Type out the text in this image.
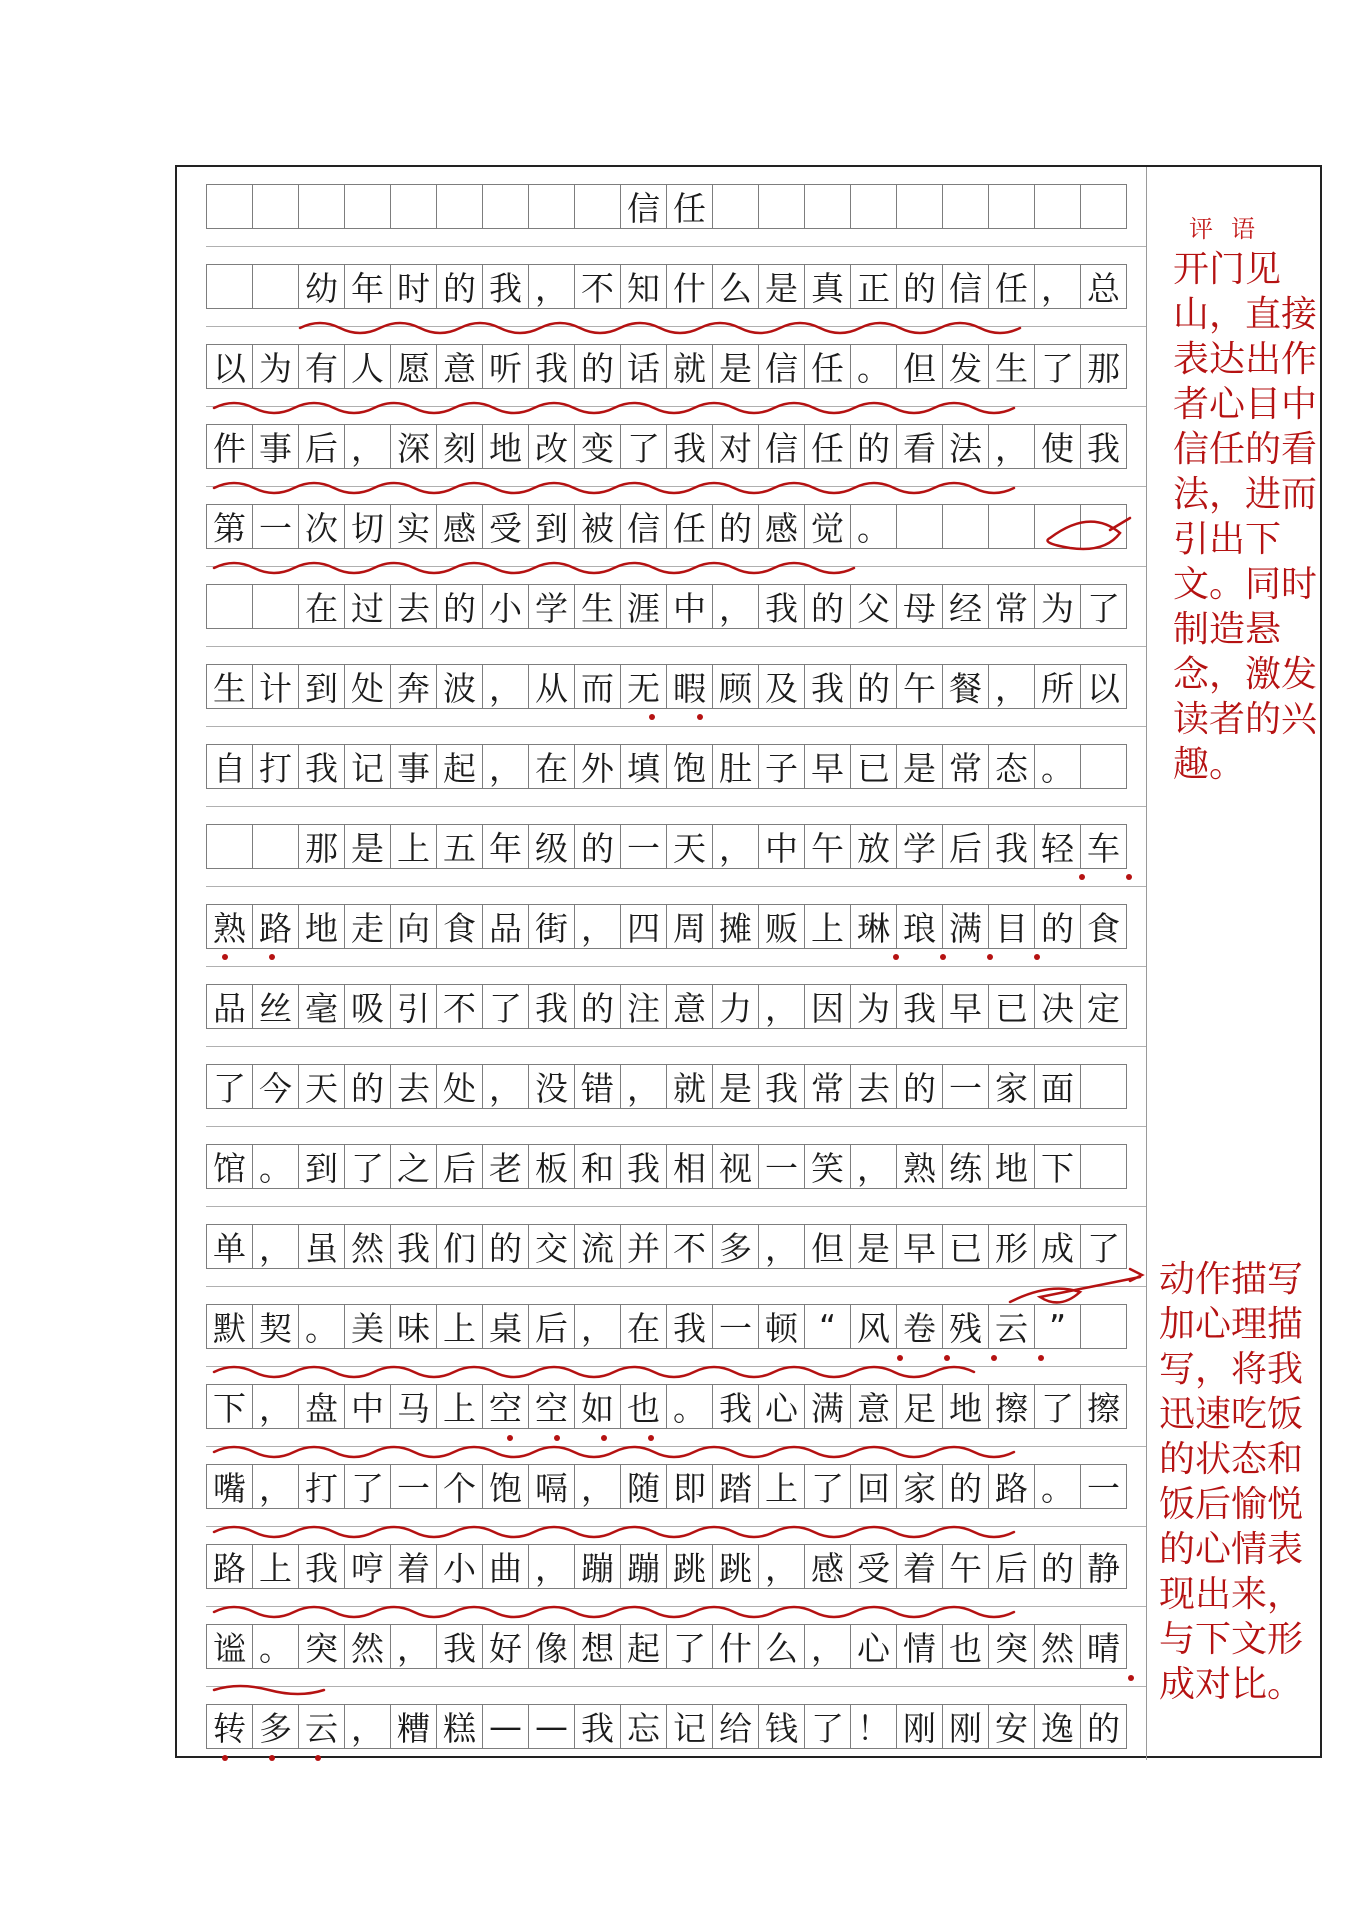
信 任
幼 年 时 的 我 ， 不 知 什 么 是 真 正 的 信 任 ， 总
以 为 有 人 愿 意 听 我 的 话 就 是 信 任 。 但 发 生 了 那
件 事 后 ， 深 刻 地 改 变 了 我 对 信 任 的 看 法 ， 使 我
第 一 次 切 实 感 受 到 被 信 任 的 感 觉 。
在 过 去 的 小 学 生 涯 中 ， 我 的 父 母 经 常 为 了
生 计 到 处 奔 波 ， 从 而 无 暇 顾 及 我 的 午 餐 ， 所 以
自 打 我 记 事 起 ， 在 外 填 饱 肚 子 早 已 是 常 态 。
那 是 上 五 年 级 的 一 天 ， 中 午 放 学 后 我 轻 车
熟 路 地 走 向 食 品 街 ， 四 周 摊 贩 上 琳 琅 满 目 的 食
品 丝 毫 吸 引 不 了 我 的 注 意 力 ， 因 为 我 早 已 决 定
了 今 天 的 去 处 ， 没 错 ， 就 是 我 常 去 的 一 家 面
馆 。 到 了 之 后 老 板 和 我 相 视 一 笑 ， 熟 练 地 下
单 ， 虽 然 我 们 的 交 流 并 不 多 ， 但 是 早 已 形 成 了
默 契 。 美 味 上 桌 后 ， 在 我 一 顿 “ 风 卷 残 云 ”
下 ， 盘 中 马 上 空 空 如 也 。 我 心 满 意 足 地 擦 了 擦
嘴 ， 打 了 一 个 饱 嗝 ， 随 即 踏 上 了 回 家 的 路 。 一
路 上 我 哼 着 小 曲 ， 蹦 蹦 跳 跳 ， 感 受 着 午 后 的 静
谧 。 突 然 ， 我 好 像 想 起 了 什 么 ， 心 情 也 突 然 晴
转 多 云 ， 糟 糕 — — 我 忘 记 给 钱 了 ！ 刚 刚 安 逸 的
评语
开门见山，直接表达出作者心目中信任的看法，进而引出下文。同时制造悬念，激发读者的兴趣。
动作描写加心理描写，将我迅速吃饭的状态和饭后愉悦的心情表现出来，与下文形成对比。
